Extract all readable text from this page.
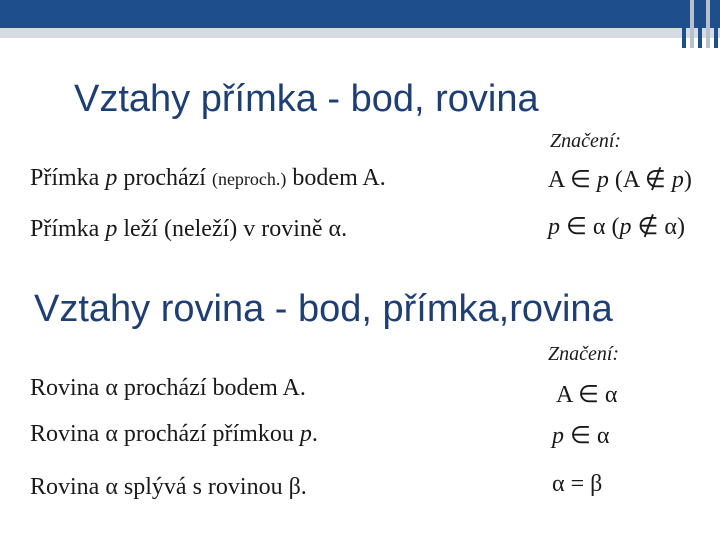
Vztahy přímka - bod, rovina
Značení:
Přímka p prochází (neproch.) bodem A.	A ∈ p (A ∉ p)
Přímka p leží (neleží) v rovině α.	p ∈ α (p ∉ α)
Vztahy rovina - bod, přímka,rovina
Značení:
Rovina α prochází bodem A.	A ∈ α
Rovina α prochází přímkou p.	p ∈ α
Rovina α splývá s rovinou β.	α = β
